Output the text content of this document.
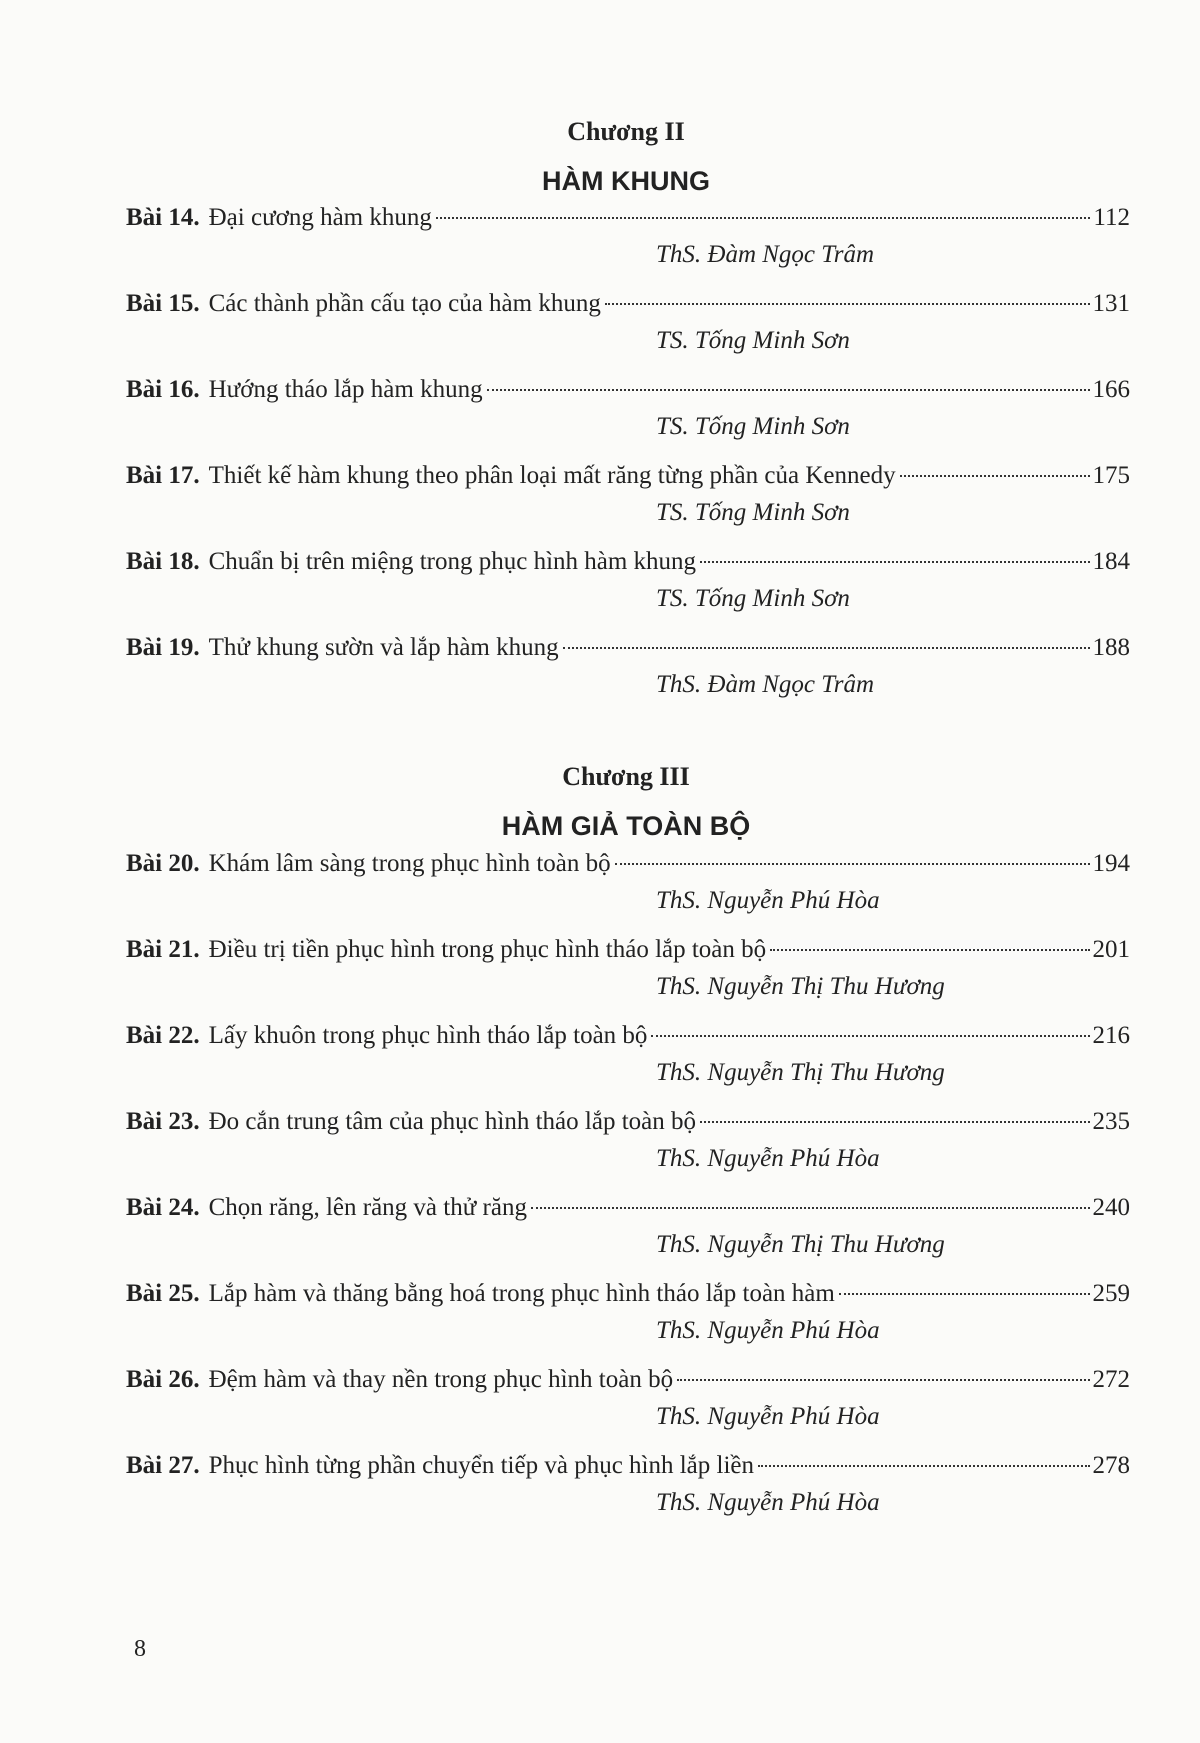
Chương II
HÀM KHUNG
Bài 14. Đại cương hàm khung	112
ThS. Đàm Ngọc Trâm
Bài 15. Các thành phần cấu tạo của hàm khung	131
TS. Tống Minh Sơn
Bài 16. Hướng tháo lắp hàm khung	166
TS. Tống Minh Sơn
Bài 17. Thiết kế hàm khung theo phân loại mất răng từng phần của Kennedy	175
TS. Tống Minh Sơn
Bài 18. Chuẩn bị trên miệng trong phục hình hàm khung	184
TS. Tống Minh Sơn
Bài 19. Thử khung sườn và lắp hàm khung	188
ThS. Đàm Ngọc Trâm
Chương III
HÀM GIẢ TOÀN BỘ
Bài 20. Khám lâm sàng trong phục hình toàn bộ	194
ThS. Nguyễn Phú Hòa
Bài 21. Điều trị tiền phục hình trong phục hình tháo lắp toàn bộ	201
ThS. Nguyễn Thị Thu Hương
Bài 22. Lấy khuôn trong phục hình tháo lắp toàn bộ	216
ThS. Nguyễn Thị Thu Hương
Bài 23. Đo cắn trung tâm của phục hình tháo lắp toàn bộ	235
ThS. Nguyễn Phú Hòa
Bài 24. Chọn răng, lên răng và thử răng	240
ThS. Nguyễn Thị Thu Hương
Bài 25. Lắp hàm và thăng bằng hoá trong phục hình tháo lắp toàn hàm	259
ThS. Nguyễn Phú Hòa
Bài 26. Đệm hàm và thay nền trong phục hình toàn bộ	272
ThS. Nguyễn Phú Hòa
Bài 27. Phục hình từng phần chuyển tiếp và phục hình lắp liền	278
ThS. Nguyễn Phú Hòa
8
